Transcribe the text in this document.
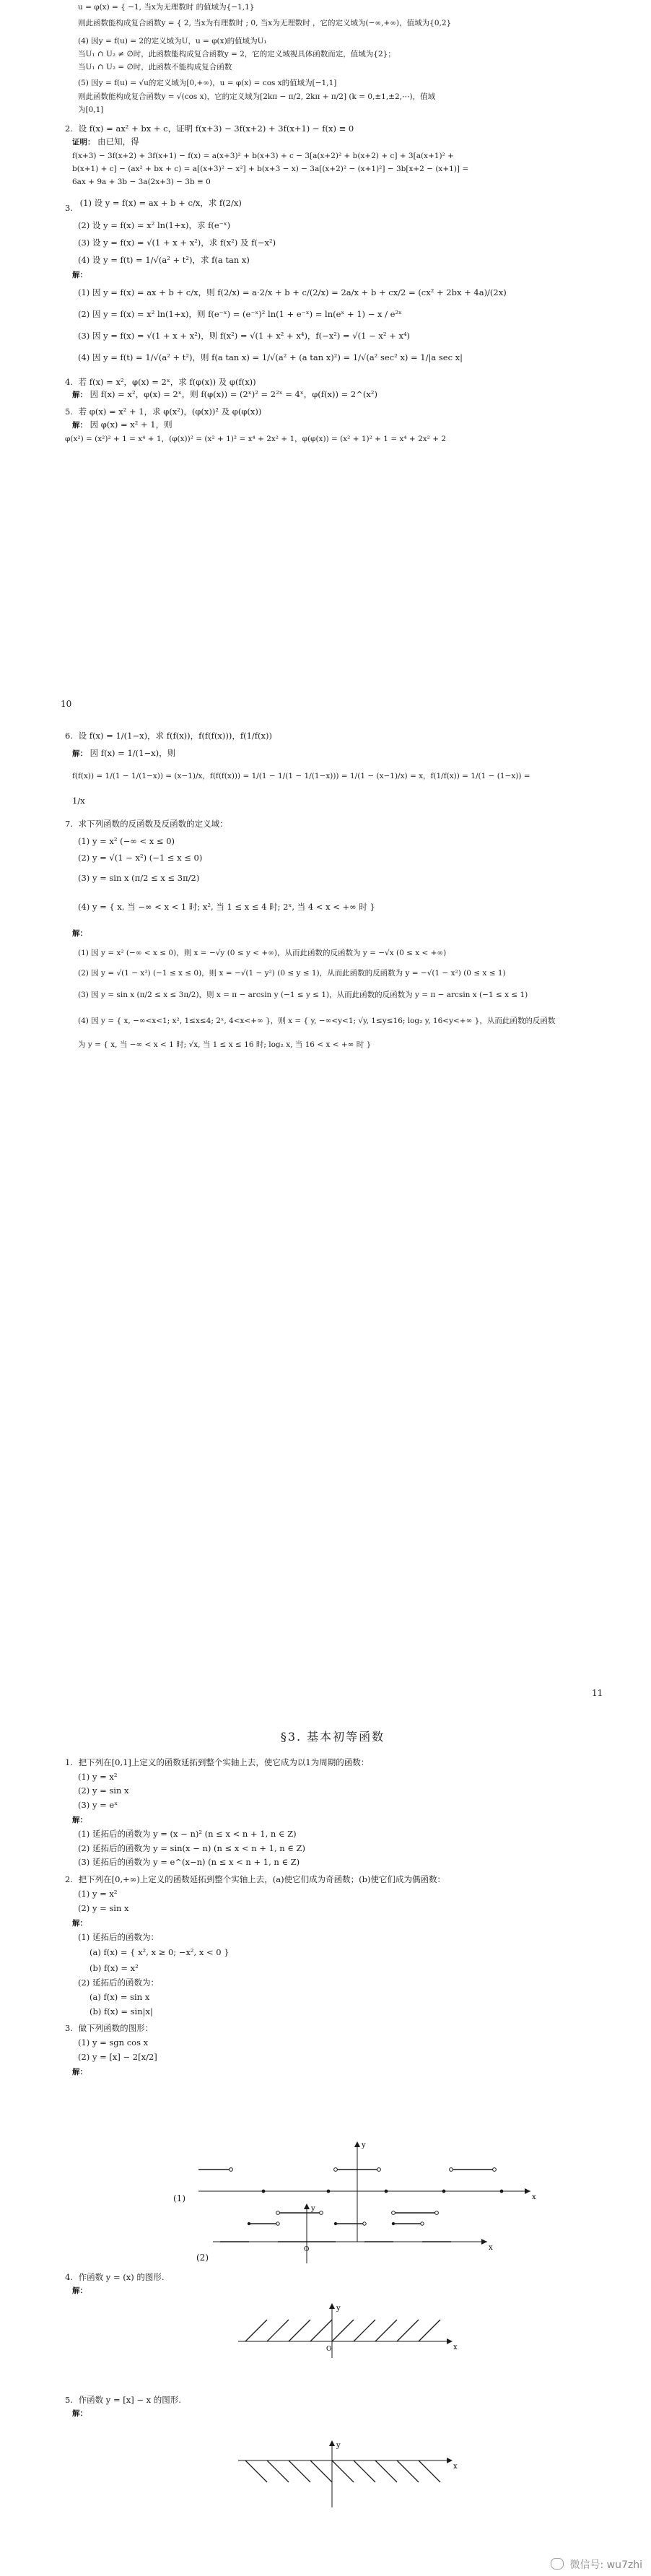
u = φ(x) = { −1, 当x为无理数时 的值域为{−1,1}
则此函数能构成复合函数y = { 2, 当x为有理数时 ; 0, 当x为无理数时 ，它的定义域为(−∞,+∞)，值域为{0,2}
(4) 因y = f(u) = 2的定义域为U，u = φ(x)的值域为U₁
当U₁ ∩ U₂ ≠ ∅时，此函数能构成复合函数y = 2，它的定义域视具体函数而定，值域为{2}；
当U₁ ∩ U₂ = ∅时，此函数不能构成复合函数
(5) 因y = f(u) = √u的定义域为[0,+∞)，u = φ(x) = cos x的值域为[−1,1]
则此函数能构成复合函数y = √(cos x)，它的定义域为[2kπ − π/2, 2kπ + π/2] (k = 0,±1,±2,⋯)，值域
为[0,1]
2. 设 f(x) = ax² + bx + c，证明 f(x+3) − 3f(x+2) + 3f(x+1) − f(x) ≡ 0
证明： 由已知，得
f(x+3) − 3f(x+2) + 3f(x+1) − f(x) = a(x+3)² + b(x+3) + c − 3[a(x+2)² + b(x+2) + c] + 3[a(x+1)² +
b(x+1) + c] − (ax² + bx + c) = a[(x+3)² − x²] + b(x+3 − x) − 3a[(x+2)² − (x+1)²] − 3b[x+2 − (x+1)] =
6ax + 9a + 3b − 3a(2x+3) − 3b ≡ 0
3. (1) 设 y = f(x) = ax + b + c/x，求 f(2/x)
(2) 设 y = f(x) = x² ln(1+x)，求 f(e⁻ˣ)
(3) 设 y = f(x) = √(1 + x + x²)，求 f(x²) 及 f(−x²)
(4) 设 y = f(t) = 1/√(a² + t²)，求 f(a tan x)
解：
(1) 因 y = f(x) = ax + b + c/x，则 f(2/x) = a·2/x + b + c/(2/x) = 2a/x + b + cx/2 = (cx² + 2bx + 4a)/(2x)
(2) 因 y = f(x) = x² ln(1+x)，则 f(e⁻ˣ) = (e⁻ˣ)² ln(1 + e⁻ˣ) = ln(eˣ + 1) − x / e²ˣ
(3) 因 y = f(x) = √(1 + x + x²)，则 f(x²) = √(1 + x² + x⁴)，f(−x²) = √(1 − x² + x⁴)
(4) 因 y = f(t) = 1/√(a² + t²)，则 f(a tan x) = 1/√(a² + (a tan x)²) = 1/√(a² sec² x) = 1/|a sec x|
4. 若 f(x) = x²，φ(x) = 2ˣ，求 f(φ(x)) 及 φ(f(x))
解： 因 f(x) = x²，φ(x) = 2ˣ，则 f(φ(x)) = (2ˣ)² = 2²ˣ = 4ˣ，φ(f(x)) = 2^(x²)
5. 若 φ(x) = x² + 1，求 φ(x²)，(φ(x))² 及 φ(φ(x))
解： 因 φ(x) = x² + 1，则
φ(x²) = (x²)² + 1 = x⁴ + 1，(φ(x))² = (x² + 1)² = x⁴ + 2x² + 1，φ(φ(x)) = (x² + 1)² + 1 = x⁴ + 2x² + 2
10
6. 设 f(x) = 1/(1−x)，求 f(f(x))，f(f(f(x)))，f(1/f(x))
解： 因 f(x) = 1/(1−x)，则
f(f(x)) = 1/(1 − 1/(1−x)) = (x−1)/x，f(f(f(x))) = 1/(1 − 1/(1 − 1/(1−x))) = 1/(1 − (x−1)/x) = x，f(1/f(x)) = 1/(1 − (1−x)) =
1/x
7. 求下列函数的反函数及反函数的定义域：
(1) y = x² (−∞ < x ≤ 0)
(2) y = √(1 − x²) (−1 ≤ x ≤ 0)
(3) y = sin x (π/2 ≤ x ≤ 3π/2)
(4) y = { x, 当 −∞ < x < 1 时; x², 当 1 ≤ x ≤ 4 时; 2ˣ, 当 4 < x < +∞ 时 }
解：
(1) 因 y = x² (−∞ < x ≤ 0)，则 x = −√y (0 ≤ y < +∞)，从而此函数的反函数为 y = −√x (0 ≤ x < +∞)
(2) 因 y = √(1 − x²) (−1 ≤ x ≤ 0)，则 x = −√(1 − y²) (0 ≤ y ≤ 1)，从而此函数的反函数为 y = −√(1 − x²) (0 ≤ x ≤ 1)
(3) 因 y = sin x (π/2 ≤ x ≤ 3π/2)，则 x = π − arcsin y (−1 ≤ y ≤ 1)，从而此函数的反函数为 y = π − arcsin x (−1 ≤ x ≤ 1)
(4) 因 y = { x, −∞<x<1; x², 1≤x≤4; 2ˣ, 4<x<+∞ }，则 x = { y, −∞<y<1; √y, 1≤y≤16; log₂ y, 16<y<+∞ }，从而此函数的反函数
为 y = { x, 当 −∞ < x < 1 时; √x, 当 1 ≤ x ≤ 16 时; log₂ x, 当 16 < x < +∞ 时 }
11
§3. 基本初等函数
1. 把下列在[0,1]上定义的函数延拓到整个实轴上去，使它成为以1为周期的函数：
(1) y = x²
(2) y = sin x
(3) y = eˣ
解：
(1) 延拓后的函数为 y = (x − n)² (n ≤ x < n + 1, n ∈ Z)
(2) 延拓后的函数为 y = sin(x − n) (n ≤ x < n + 1, n ∈ Z)
(3) 延拓后的函数为 y = e^(x−n) (n ≤ x < n + 1, n ∈ Z)
2. 把下列在[0,+∞)上定义的函数延拓到整个实轴上去，(a)使它们成为奇函数；(b)使它们成为偶函数：
(1) y = x²
(2) y = sin x
解：
(1) 延拓后的函数为：
(a) f(x) = { x², x ≥ 0; −x², x < 0 }
(b) f(x) = x²
(2) 延拓后的函数为：
(a) f(x) = sin x
(b) f(x) = sin|x|
3. 做下列函数的图形：
(1) y = sgn cos x
(2) y = [x] − 2[x/2]
解：
(1)
y
x
(2)
y
x
O
4. 作函数 y = (x) 的图形.
解：
y
x
O
5. 作函数 y = [x] − x 的图形.
解：
y
x
微信号: wu7zhi
